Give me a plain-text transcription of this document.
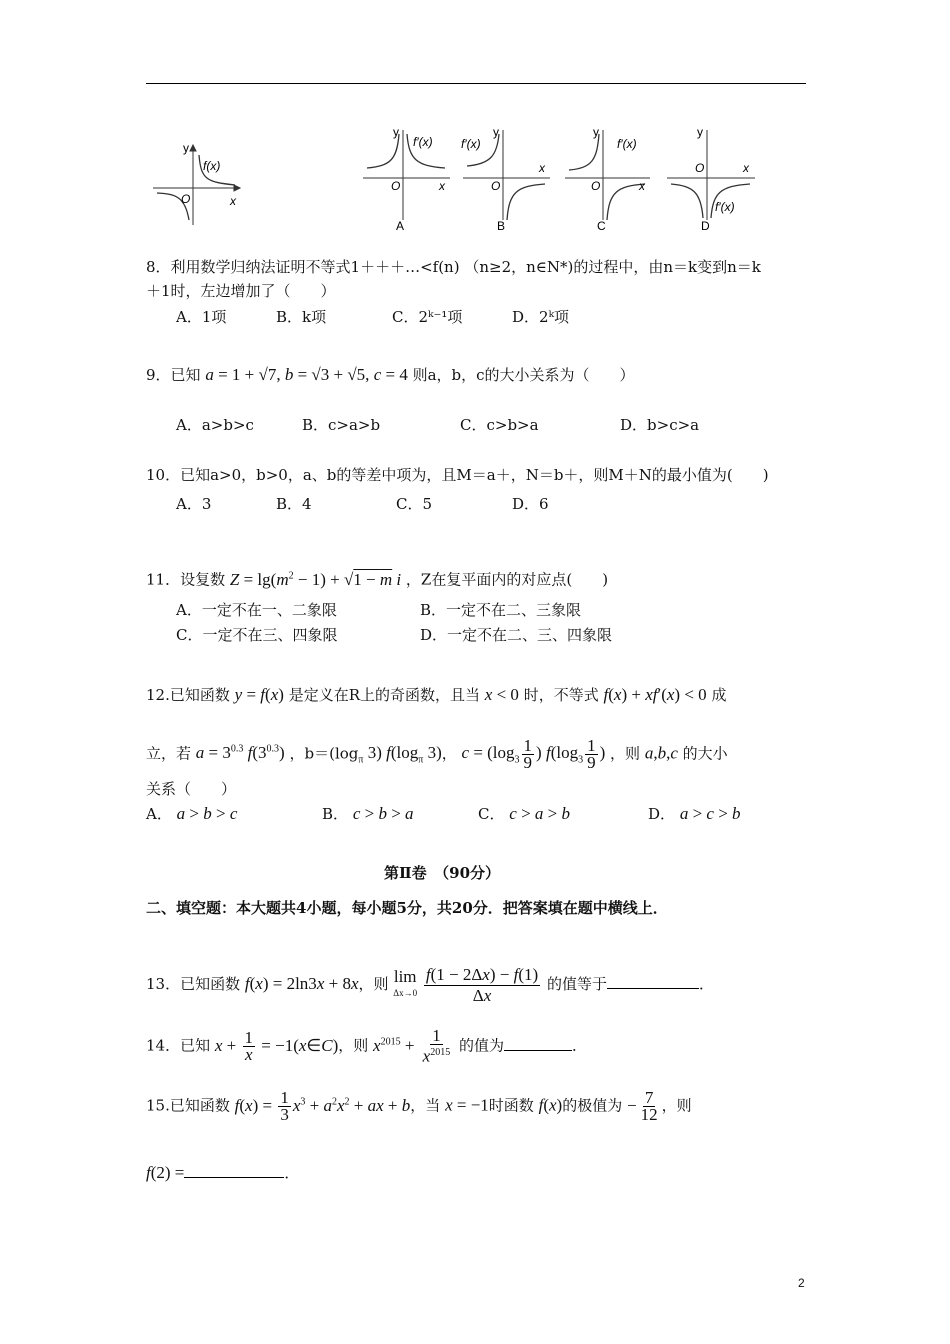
y
x
O
f(x)
y
f′(x)
O	x
A
y
f′(x)
O
x
B
y
f′(x)
O	x
C
y
f′(x)
O	x
D
8．利用数学归纳法证明不等式1＋＋＋…<f(n) （n≥2，n∈N*)的过程中，由n＝k变到n＝k
＋1时，左边增加了（　　）
A．1项	B．k项	C．2ᵏ⁻¹项	D．2ᵏ项
9．已知 a = 1 + √7, b = √3 + √5, c = 4 则a，b，c的大小关系为（　　）
A．a>b>c	B．c>a>b	C．c>b>a	D．b>c>a
10．已知a>0，b>0，a、b的等差中项为，且M＝a＋，N＝b＋，则M＋N的最小值为(　　)
A．3	B．4	C．5	D．6
11．设复数 $Z = \lg(m^2 - 1) + √1 - m$ i ，Z在复平面内的对应点(　　)
A．一定不在一、二象限	B．一定不在二、三象限
C．一定不在三、四象限	D．一定不在二、三、四象限
12.已知函数 y = f(x) 是定义在R上的奇函数，且当 x < 0 时，不等式 f(x) + xf′(x) < 0 成
立，若 $a = 3^{0.3}$ $f(3^{0.3})$ ，$b=(\log_\pi$ 3) $f(\log_\pi$ 3)， $c = (\log_3 \frac{1}{9}$ ) $f(\log_3 \frac{1}{9}$ ) ，则 a,b,c 的大小
关系（　　）
A． a > b > c	B． c > b > a	C． c > a > b	D． a > c > b
第Ⅱ卷　（90分）
二、填空题：本大题共4小题，每小题5分，共20分．把答案填在题中横线上．
13．已知函数 f(x) = 2ln3x + 8x，则 lim
Δx→0
$\frac{f(1 - 2\Delta x) - f(1)}{\Delta x}$ 的值等于	．
14．已知 $x + \frac{1}{x}$ = −1(x∈C)，则 $x^{2015} + \frac{1}{x^{2015}}$ 的值为	．
15.已知函数 $f(x) = \frac{1}{3} x^3 + a^2x^2$ + ax + b，当 x = −1时函数 f(x)的极值为 − $\frac{7}{12}$ ，则
f(2) =	．
2
